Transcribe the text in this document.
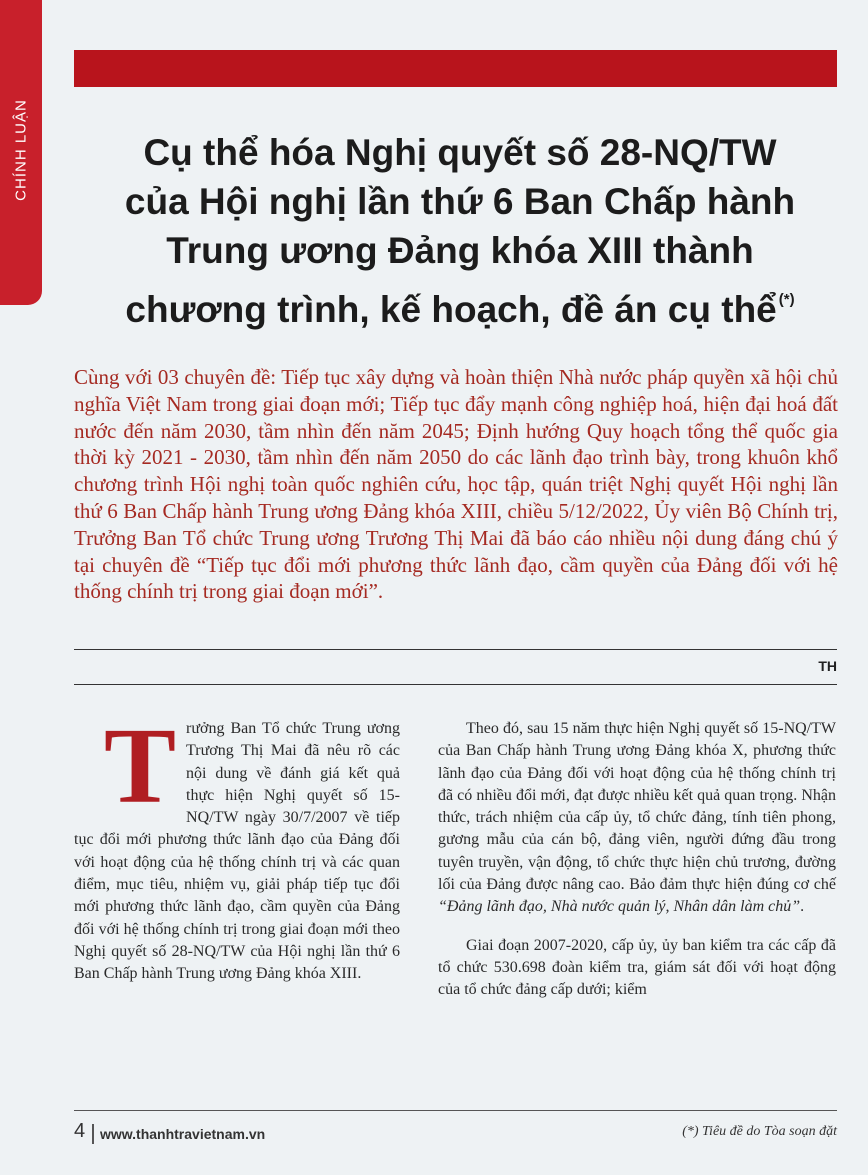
CHÍNH LUẬN	Cụ thể hóa Nghị quyết số 28-NQ/TW
của Hội nghị lần thứ 6 Ban Chấp hành
Trung ương Đảng khóa XIII thành
chương trình, kế hoạch, đề án cụ thể (*)
Cùng với 03 chuyên đề: Tiếp tục xây dựng và hoàn thiện Nhà nước pháp quyền xã hội chủ nghĩa Việt Nam trong giai đoạn mới; Tiếp tục đẩy mạnh công nghiệp hoá, hiện đại hoá đất nước đến năm 2030, tầm nhìn đến năm 2045; Định hướng Quy hoạch tổng thể quốc gia thời kỳ 2021 - 2030, tầm nhìn đến năm 2050 do các lãnh đạo trình bày, trong khuôn khổ chương trình Hội nghị toàn quốc nghiên cứu, học tập, quán triệt Nghị quyết Hội nghị lần thứ 6 Ban Chấp hành Trung ương Đảng khóa XIII, chiều 5/12/2022, Ủy viên Bộ Chính trị, Trưởng Ban Tổ chức Trung ương Trương Thị Mai đã báo cáo nhiều nội dung đáng chú ý tại chuyên đề “Tiếp tục đổi mới phương thức lãnh đạo, cầm quyền của Đảng đối với hệ thống chính trị trong giai đoạn mới”.
TH

Trưởng Ban Tổ chức Trung ương Trương Thị Mai đã nêu rõ các nội dung về đánh giá kết quả thực hiện Nghị quyết số 15-NQ/TW ngày 30/7/2007 về tiếp tục đổi mới phương thức lãnh đạo của Đảng đối với hoạt động của hệ thống chính trị và các quan điểm, mục tiêu, nhiệm vụ, giải pháp tiếp tục đổi mới phương thức lãnh đạo, cầm quyền của Đảng đối với hệ thống chính trị trong giai đoạn mới theo Nghị quyết số 28-NQ/TW của Hội nghị lần thứ 6 Ban Chấp hành Trung ương Đảng khóa XIII.

Theo đó, sau 15 năm thực hiện Nghị quyết số 15-NQ/TW của Ban Chấp hành Trung ương Đảng khóa X, phương thức lãnh đạo của Đảng đối với hoạt động của hệ thống chính trị đã có nhiều đổi mới, đạt được nhiều kết quả quan trọng. Nhận thức, trách nhiệm của cấp ủy, tổ chức đảng, tính tiên phong, gương mẫu của cán bộ, đảng viên, người đứng đầu trong tuyên truyền, vận động, tổ chức thực hiện chủ trương, đường lối của Đảng được nâng cao. Bảo đảm thực hiện đúng cơ chế “Đảng lãnh đạo, Nhà nước quản lý, Nhân dân làm chủ”.

Giai đoạn 2007-2020, cấp ủy, ủy ban kiểm tra các cấp đã tổ chức 530.698 đoàn kiểm tra, giám sát đối với hoạt động của tổ chức đảng cấp dưới; kiểm

4 www.thanhtravietnam.vn	(*) Tiêu đề do Tòa soạn đặt
